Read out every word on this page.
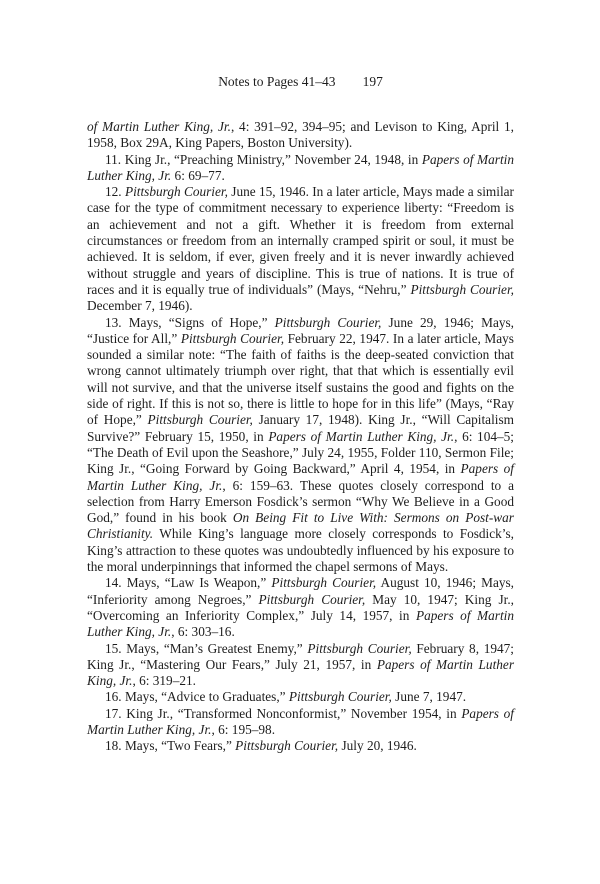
Notes to Pages 41–43 197

of Martin Luther King, Jr., 4: 391–92, 394–95; and Levison to King, April 1, 1958, Box 29A, King Papers, Boston University).

11. King Jr., “Preaching Ministry,” November 24, 1948, in Papers of Martin Luther King, Jr. 6: 69–77.

12. Pittsburgh Courier, June 15, 1946. In a later article, Mays made a similar case for the type of commitment necessary to experience liberty: “Freedom is an achievement and not a gift. Whether it is freedom from external circumstances or freedom from an internally cramped spirit or soul, it must be achieved. It is seldom, if ever, given freely and it is never inwardly achieved without struggle and years of discipline. This is true of nations. It is true of races and it is equally true of individuals” (Mays, “Nehru,” Pittsburgh Courier, December 7, 1946).

13. Mays, “Signs of Hope,” Pittsburgh Courier, June 29, 1946; Mays, “Justice for All,” Pittsburgh Courier, February 22, 1947. In a later article, Mays sounded a similar note: “The faith of faiths is the deep-seated conviction that wrong cannot ultimately triumph over right, that that which is essentially evil will not survive, and that the universe itself sustains the good and fights on the side of right. If this is not so, there is little to hope for in this life” (Mays, “Ray of Hope,” Pittsburgh Courier, January 17, 1948). King Jr., “Will Capitalism Survive?” February 15, 1950, in Papers of Martin Luther King, Jr., 6: 104–5; “The Death of Evil upon the Seashore,” July 24, 1955, Folder 110, Sermon File; King Jr., “Going Forward by Going Backward,” April 4, 1954, in Papers of Martin Luther King, Jr., 6: 159–63. These quotes closely correspond to a selection from Harry Emerson Fosdick’s sermon “Why We Believe in a Good God,” found in his book On Being Fit to Live With: Sermons on Post-war Christianity. While King’s language more closely corresponds to Fosdick’s, King’s attraction to these quotes was undoubtedly influenced by his exposure to the moral underpinnings that informed the chapel sermons of Mays.

14. Mays, “Law Is Weapon,” Pittsburgh Courier, August 10, 1946; Mays, “Inferiority among Negroes,” Pittsburgh Courier, May 10, 1947; King Jr., “Overcoming an Inferiority Complex,” July 14, 1957, in Papers of Martin Luther King, Jr., 6: 303–16.

15. Mays, “Man’s Greatest Enemy,” Pittsburgh Courier, February 8, 1947; King Jr., “Mastering Our Fears,” July 21, 1957, in Papers of Martin Luther King, Jr., 6: 319–21.

16. Mays, “Advice to Graduates,” Pittsburgh Courier, June 7, 1947.

17. King Jr., “Transformed Nonconformist,” November 1954, in Papers of Martin Luther King, Jr., 6: 195–98.

18. Mays, “Two Fears,” Pittsburgh Courier, July 20, 1946.
